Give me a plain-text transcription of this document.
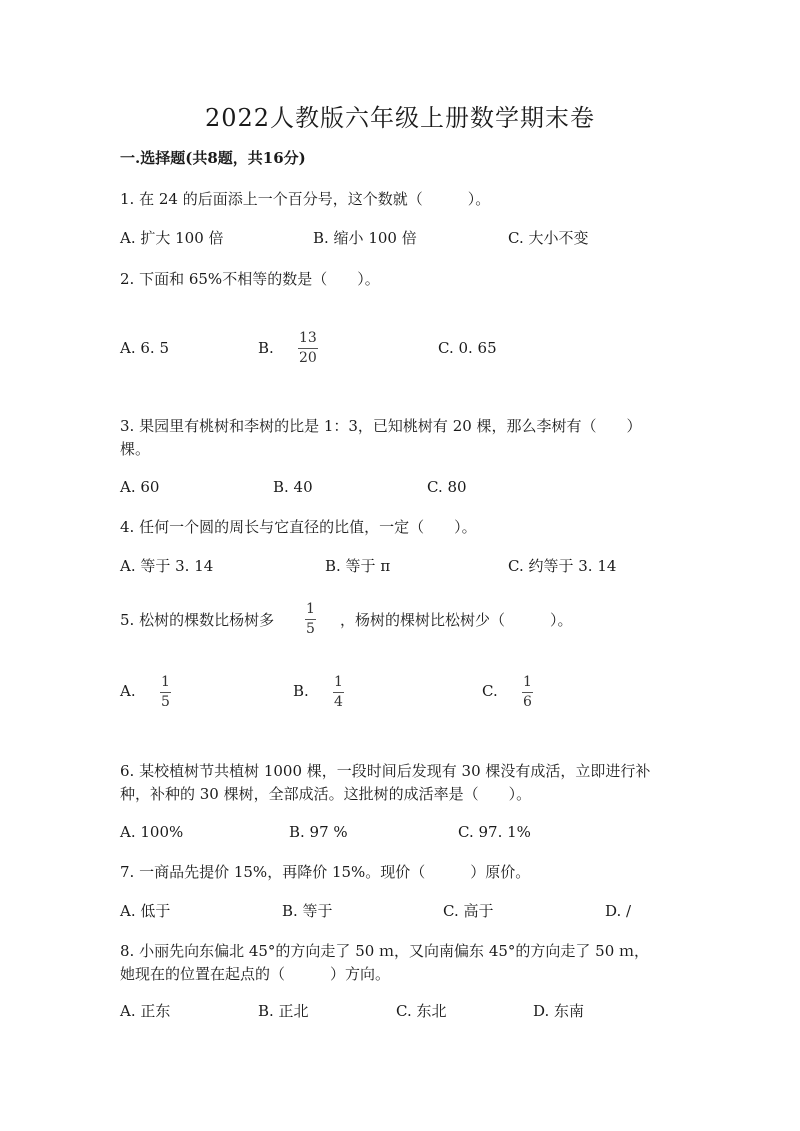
2022人教版六年级上册数学期末卷
一.选择题(共8题，共16分)
1. 在 24 的后面添上一个百分号，这个数就（　　　）。
A. 扩大 100 倍	B. 缩小 100 倍	C. 大小不变
2. 下面和 65%不相等的数是（　　）。
A. 6. 5	B.
13
20
C. 0. 65
3. 果园里有桃树和李树的比是 1：3，已知桃树有 20 棵，那么李树有（　　）
棵。
A. 60	B. 40	C. 80
4. 任何一个圆的周长与它直径的比值，一定（　　）。
A. 等于 3. 14	B. 等于 π	C. 约等于 3. 14
5. 松树的棵数比杨树多
1
5 ，杨树的棵树比松树少（　　　）。
A. 1
5
B. 1
4
C. 1
6
6. 某校植树节共植树 1000 棵，一段时间后发现有 30 棵没有成活，立即进行补
种，补种的 30 棵树，全部成活。这批树的成活率是（　　）。
A. 100%	B. 97 %	C. 97. 1%
7. 一商品先提价 15%，再降价 15%。现价（　　　）原价。
A. 低于	B. 等于	C. 高于	D. /
8. 小丽先向东偏北 45°的方向走了 50 ｍ，又向南偏东 45°的方向走了 50 ｍ，
她现在的位置在起点的（　　　）方向。
A. 正东	B. 正北	C. 东北	D. 东南
